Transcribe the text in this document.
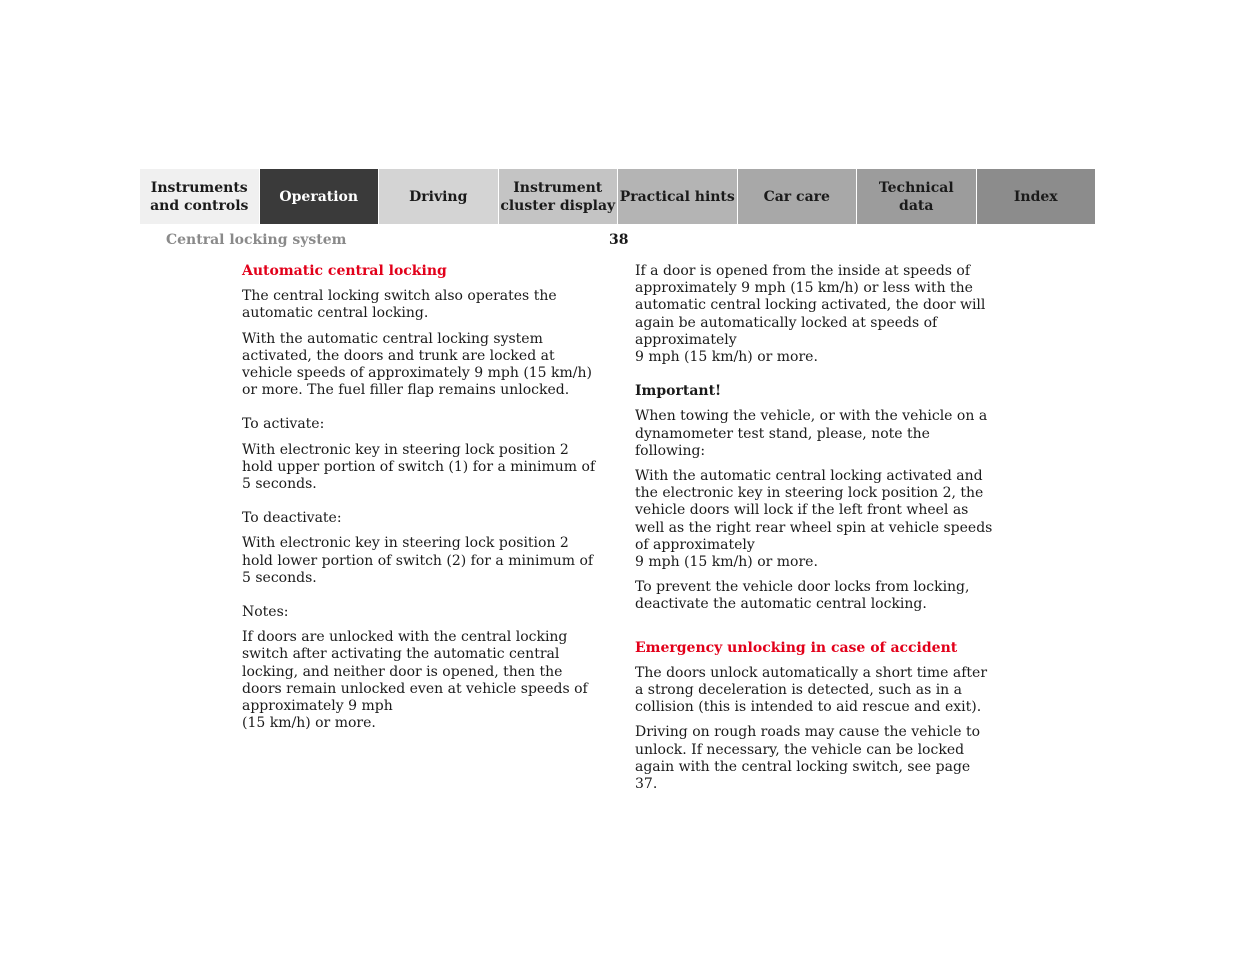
Instruments
and controls
Operation	Driving
Instrument
cluster display
Practical hints	Car care
Technical
data
Index
Central locking system	38
Automatic central locking

The central locking switch also operates the automatic central locking.

With the automatic central locking system activated, the doors and trunk are locked at vehicle speeds of approximately 9 mph (15 km/h) or more. The fuel filler flap remains unlocked.

To activate:

With electronic key in steering lock position 2 hold upper portion of switch (1) for a minimum of 5 seconds.

To deactivate:

With electronic key in steering lock position 2 hold lower portion of switch (2) for a minimum of 5 seconds.

Notes:

If doors are unlocked with the central locking switch after activating the automatic central locking, and neither door is opened, then the doors remain unlocked even at vehicle speeds of approximately 9 mph
(15 km/h) or more.

If a door is opened from the inside at speeds of approximately 9 mph (15 km/h) or less with the automatic central locking activated, the door will again be automatically locked at speeds of approximately
9 mph (15 km/h) or more.

Important!

When towing the vehicle, or with the vehicle on a dynamometer test stand, please, note the following:

With the automatic central locking activated and the electronic key in steering lock position 2, the vehicle doors will lock if the left front wheel as well as the right rear wheel spin at vehicle speeds of approximately
9 mph (15 km/h) or more.

To prevent the vehicle door locks from locking, deactivate the automatic central locking.

Emergency unlocking in case of accident

The doors unlock automatically a short time after a strong deceleration is detected, such as in a collision (this is intended to aid rescue and exit).

Driving on rough roads may cause the vehicle to unlock. If necessary, the vehicle can be locked again with the central locking switch, see page 37.
